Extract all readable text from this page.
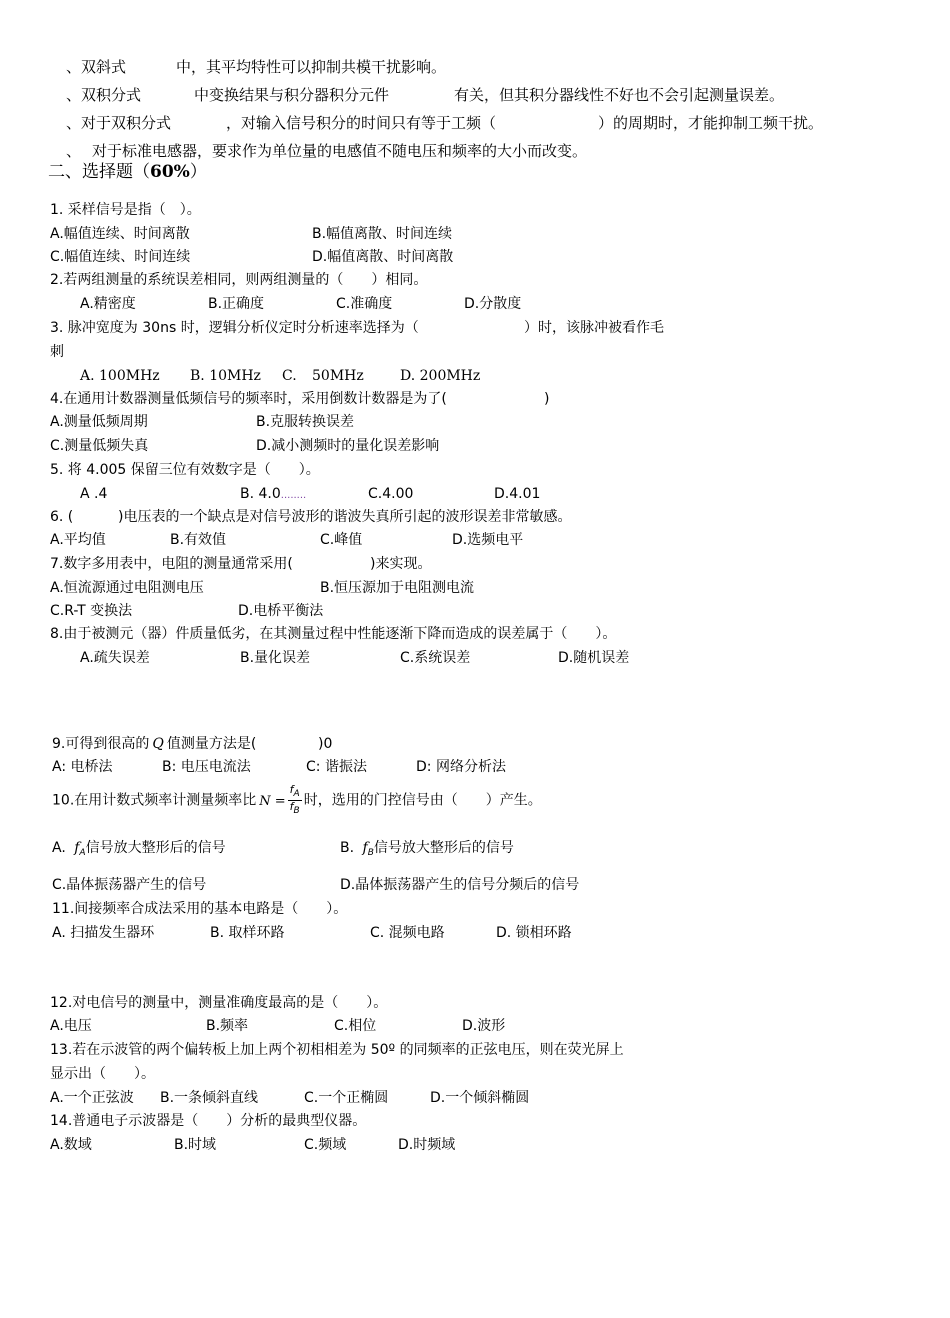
、双斜式	中，其平均特性可以抑制共模干扰影响。
、双积分式	中变换结果与积分器积分元件	有关，但其积分器线性不好也不会引起测量误差。
、对于双积分式	，对输入信号积分的时间只有等于工频（	）的周期时，才能抑制工频干扰。
、 对于标准电感器，要求作为单位量的电感值不随电压和频率的大小而改变。
二、选择题（60%）
1. 采样信号是指（　）。
A.幅值连续、时间离散	B.幅值离散、时间连续
C.幅值连续、时间连续	D.幅值离散、时间离散
2.若两组测量的系统误差相同，则两组测量的（　　）相同。
A.精密度	B.正确度	C.准确度	D.分散度
3. 脉冲宽度为 30ns 时，逻辑分析仪定时分析速率选择为（	）时，该脉冲被看作毛
刺
A. 100MHz B. 10MHz C. 50MHz	D. 200MHz
4.在通用计数器测量低频信号的频率时，采用倒数计数器是为了(	)
A.测量低频周期	B.克服转换误差
C.测量低频失真	D.减小测频时的量化误差影响
5. 将 4.005 保留三位有效数字是（　　）。
A .4	B. 4.0........	C.4.00	D.4.01
6. (	)电压表的一个缺点是对信号波形的谐波失真所引起的波形误差非常敏感。
A.平均值	B.有效值	C.峰值	D.选频电平
7.数字多用表中，电阻的测量通常采用(	)来实现。
A.恒流源通过电阻测电压	B.恒压源加于电阻测电流
C.R-T 变换法	D.电桥平衡法
8.由于被测元（器）件质量低劣，在其测量过程中性能逐渐下降而造成的误差属于（　　）。
A.疏失误差	B.量化误差	C.系统误差	D.随机误差
9.可得到很高的 Q 值测量方法是(	)0
A: 电桥法	B: 电压电流法	C: 谐振法	D: 网络分析法
10.在用计数式频率计测量频率比 $N = \frac{f_A}{f_B}$ 时，选用的门控信号由（　　）产生。
A. $f_A$信号放大整形后的信号	B. $f_B$信号放大整形后的信号
C.晶体振荡器产生的信号	D.晶体振荡器产生的信号分频后的信号
11.间接频率合成法采用的基本电路是（　　）。
A. 扫描发生器环	B. 取样环路	C. 混频电路	D. 锁相环路
12.对电信号的测量中，测量准确度最高的是（　　）。
A.电压	B.频率	C.相位	D.波形
13.若在示波管的两个偏转板上加上两个初相相差为 50º 的同频率的正弦电压，则在荧光屏上
显示出（　　）。
A.一个正弦波 B.一条倾斜直线	C.一个正椭圆	D.一个倾斜椭圆
14.普通电子示波器是（　　）分析的最典型仪器。
A.数域	B.时域	C.频域	D.时频域
